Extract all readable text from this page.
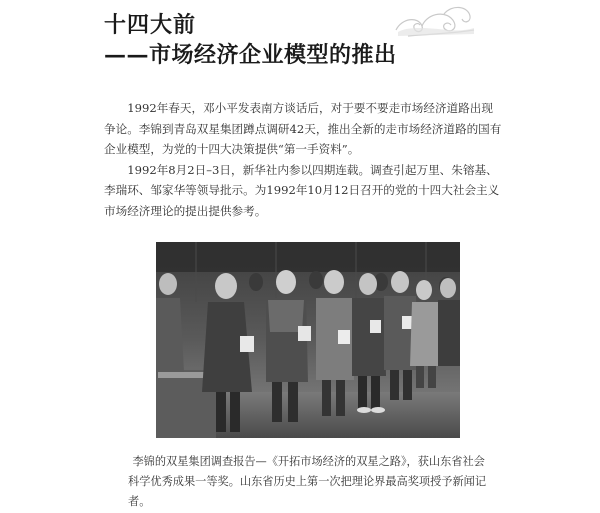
十四大前
——市场经济企业模型的推出

1992年春天，邓小平发表南方谈话后，对于要不要走市场经济道路出现争论。李锦到青岛双星集团蹲点调研42天，推出全新的走市场经济道路的国有企业模型，为党的十四大决策提供“第一手资料”。

1992年8月2日–3日，新华社内参以四期连载。调查引起万里、朱镕基、李瑞环、邹家华等领导批示。为1992年10月12日召开的党的十四大社会主义市场经济理论的提出提供参考。

李锦的双星集团调查报告—《开拓市场经济的双星之路》，获山东省社会科学优秀成果一等奖。山东省历史上第一次把理论界最高奖项授予新闻记者。
